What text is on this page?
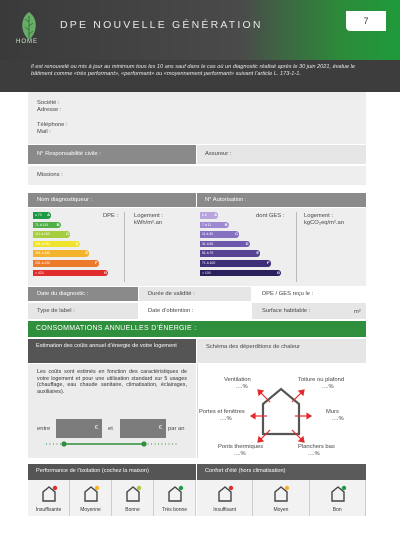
HOME
DPE NOUVELLE GÉNÉRATION	7
Il est renouvelé ou mis à jour au minimum tous les 10 ans sauf dans le cas où un diagnostic réalisé après le 30 juin 2021, évalue le bâtiment comme «très performant», «performant» ou «moyennement performant» suivant l’article L. 173-1-1.
Société :
Adresse :
Téléphone :
Mail :
N° Responsabilité civile :	Assureur :
Missions :
Nom diagnostiqueur :	N° Autorisation :
DPE :	Logement :
kWh/m².an
dont GES :	Logement :
kgCO₂eq/m².an
≤ 70 A
71 à 110 B
111 à 180	C
181 à 250	D
251 à 330	E
331 à 420	F
> 420	G
≤ 6 A
7 à 11	B
11 à 30	C
31 à 50	D
51 à 70	E
71 à 100	F
> 100	G
Date du diagnostic :	Durée de validité :	DPE / GES reçu le :
Type de label :	Date d’obtention :	Surface habitable :	m²
CONSOMMATIONS ANNUELLES D’ÉNERGIE :
Estimation des coûts annuel d’énergie de votre logement	Schéma des déperditions de chaleur
Les coûts sont estimés en fonction des caractéristiques de votre logement et pour une utilisation standard sur 5 usages (chauffage, eau chaude sanitaire, climatisation, éclairages, auxiliaires).
entre	€ et	€ par an
Ventilation
....%
Toiture ou plafond
....%
Portes et fenêtres
....%
Murs
....%
Ponts thermiques
....%
Planchers bas
....%
Performance de l’isolation (cochez la maison)	Confort d’été (hors climatisation)
Insuffisante	Moyenne	Bonne	Très bonne	Insuffisant	Moyen	Bon
